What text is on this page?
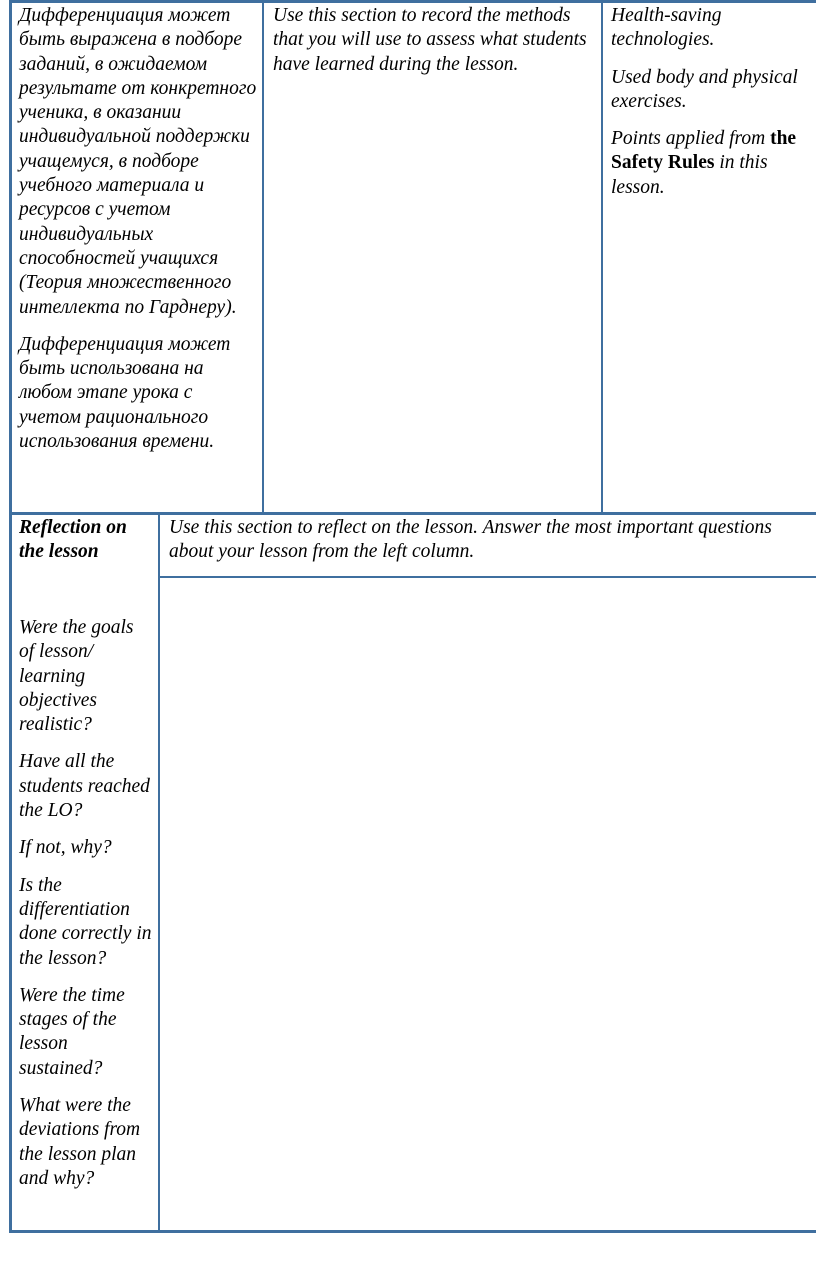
Дифференциация может быть выражена в подборе заданий, в ожидаемом результате от конкретного ученика, в оказании индивидуальной поддержки учащемуся, в подборе учебного материала и ресурсов с учетом индивидуальных способностей учащихся (Теория множественного интеллекта по Гарднеру).

Дифференциация может быть использована на любом этапе урока с учетом рационального использования времени.

Use this section to record the methods that you will use to assess what students have learned during the lesson.

Health-saving technologies.

Used body and physical exercises.

Points applied from the Safety Rules in this lesson.

Reflection on the lesson
Use this section to reflect on the lesson. Answer the most important questions about your lesson from the left column.

Were the goals of lesson/ learning objectives realistic?

Have all the students reached the LO?

If not, why?

Is the differentiation done correctly in the lesson?

Were the time stages of the lesson sustained?

What were the deviations from the lesson plan and why?
